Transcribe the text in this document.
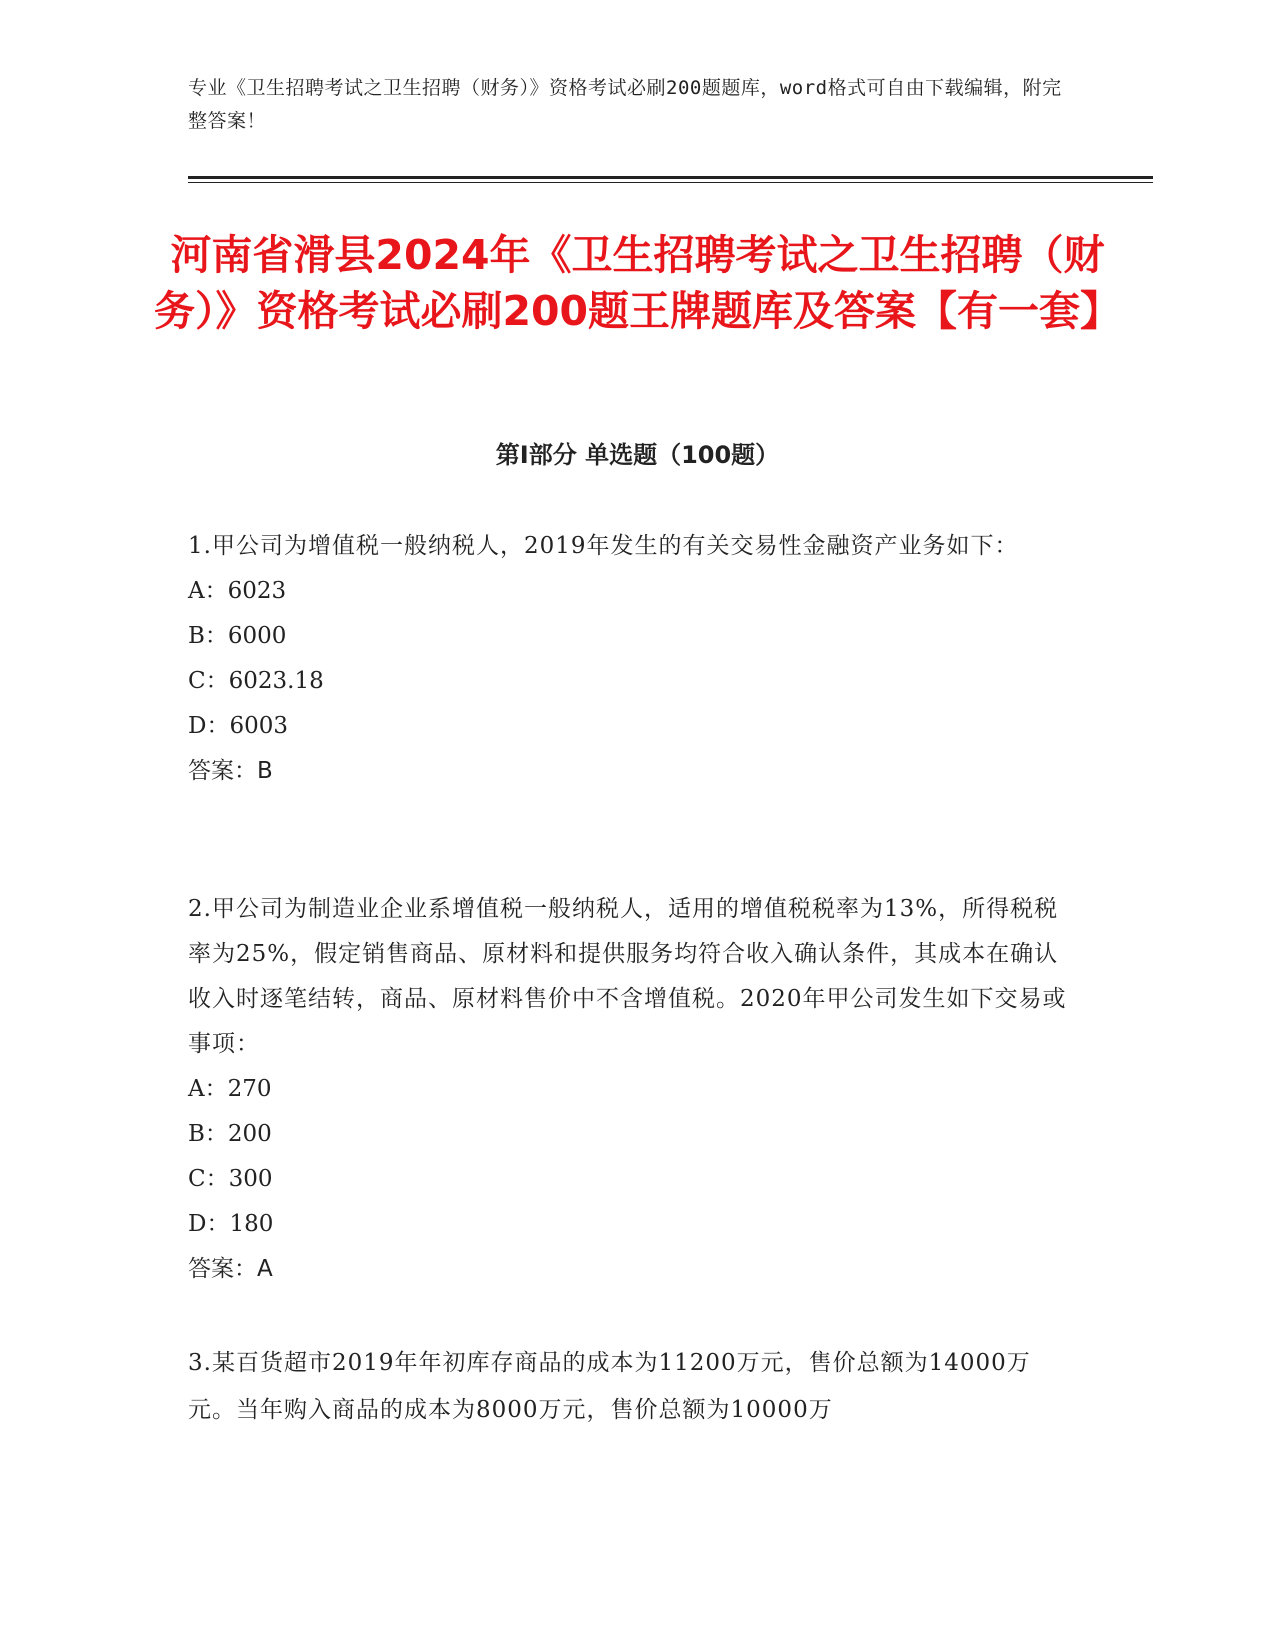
专业《卫生招聘考试之卫生招聘（财务）》资格考试必刷200题题库，word格式可自由下载编辑，附完整答案！
河南省滑县2024年《卫生招聘考试之卫生招聘（财务）》资格考试必刷200题王牌题库及答案【有一套】
第I部分 单选题（100题）
1.甲公司为增值税一般纳税人，2019年发生的有关交易性金融资产业务如下：
A：6023
B：6000
C：6023.18
D：6003
答案：B
2.甲公司为制造业企业系增值税一般纳税人，适用的增值税税率为13%，所得税税率为25%，假定销售商品、原材料和提供服务均符合收入确认条件，其成本在确认收入时逐笔结转，商品、原材料售价中不含增值税。2020年甲公司发生如下交易或事项：
A：270
B：200
C：300
D：180
答案：A
3.某百货超市2019年年初库存商品的成本为11200万元，售价总额为14000万元。当年购入商品的成本为8000万元，售价总额为10000万
